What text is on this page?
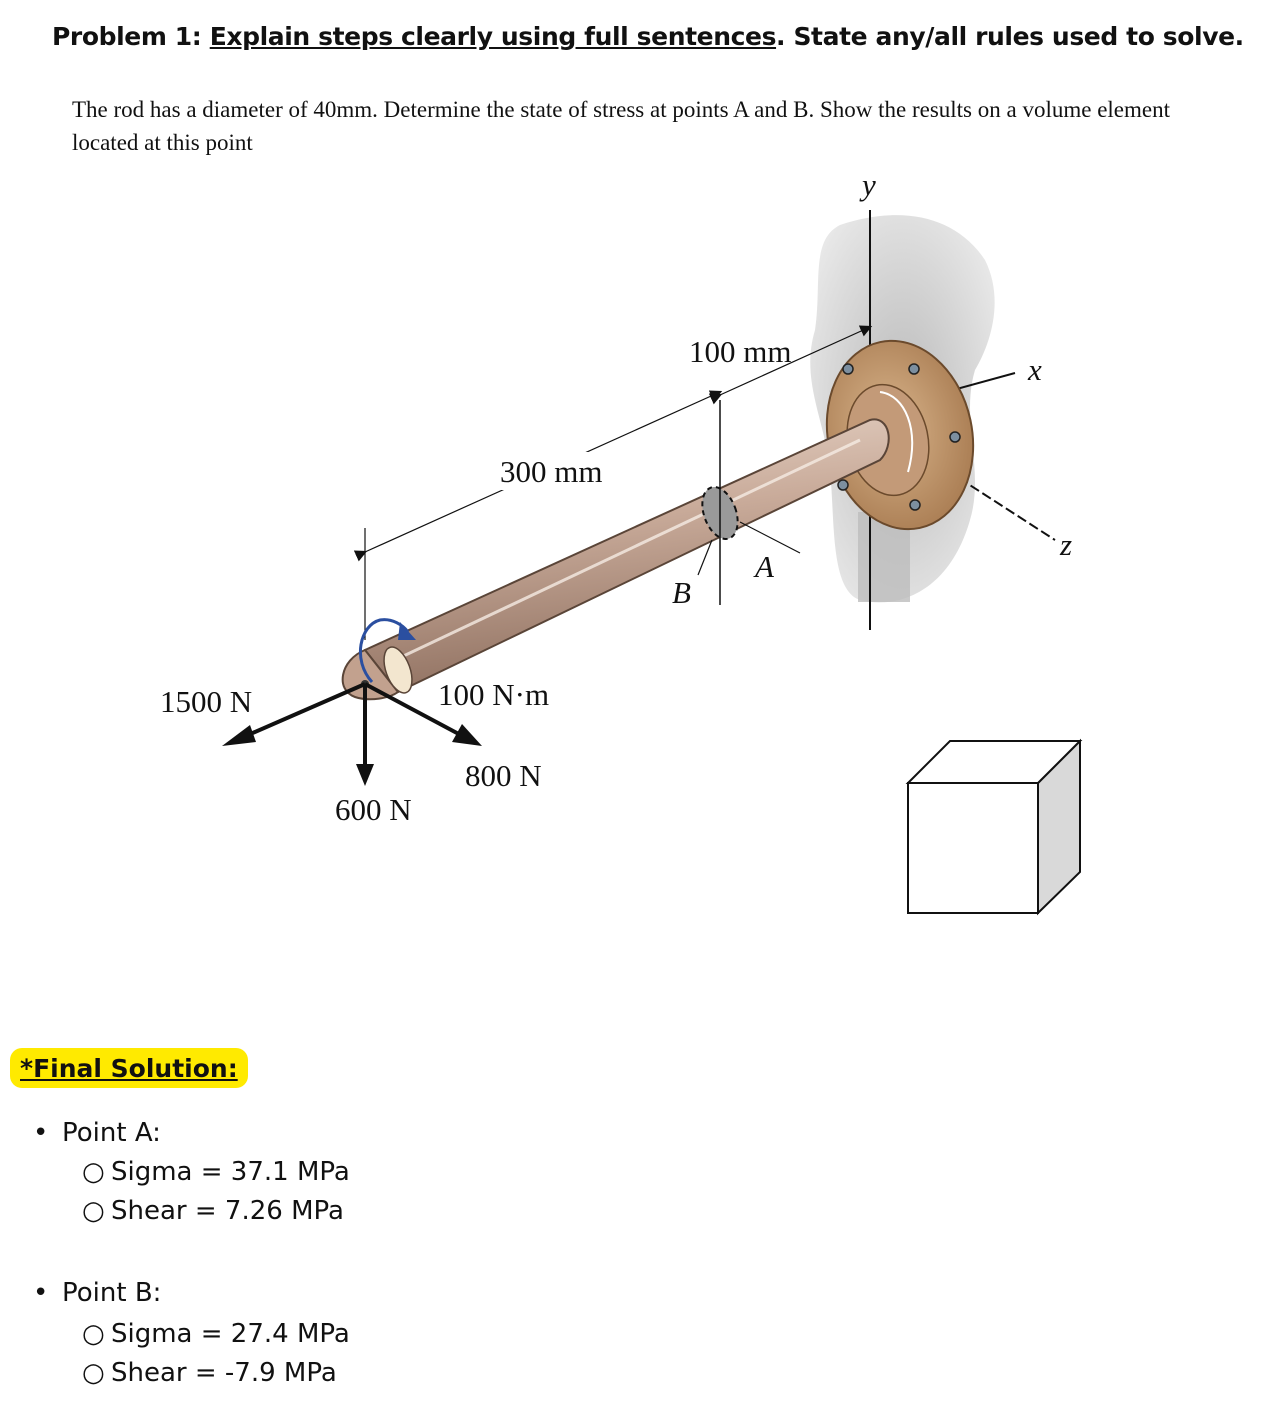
Problem 1: Explain steps clearly using full sentences. State any/all rules used to solve.
The rod has a diameter of 40mm. Determine the state of stress at points A and B. Show the results on a volume element located at this point
y
x
z
A
B
100 mm
300 mm
100 N·m
1500 N
800 N
600 N
*Final Solution:
• Point A:
○ Sigma = 37.1 MPa
○ Shear = 7.26 MPa
• Point B:
○ Sigma = 27.4 MPa
○ Shear = -7.9 MPa
